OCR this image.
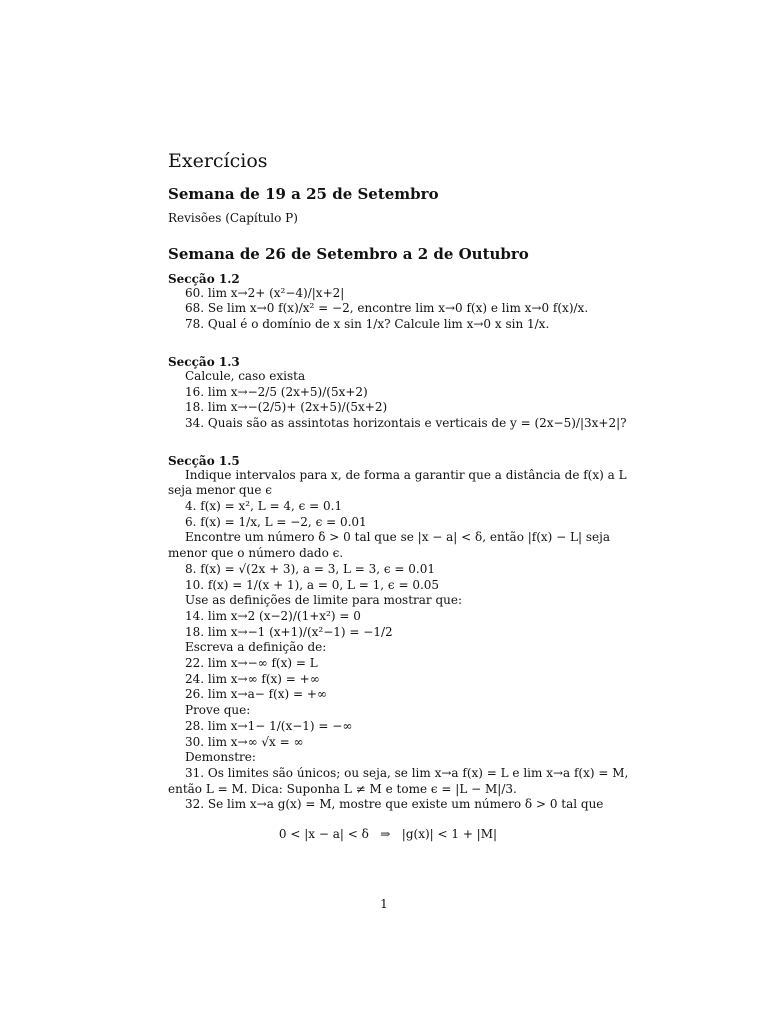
Exercícios
Semana de 19 a 25 de Setembro
Revisões (Capítulo P)
Semana de 26 de Setembro a 2 de Outubro
Secção 1.2
60. lim x→2+ (x²−4)/|x+2|
68. Se lim x→0 f(x)/x² = −2, encontre lim x→0 f(x) e lim x→0 f(x)/x.
78. Qual é o domínio de x sin 1/x? Calcule lim x→0 x sin 1/x.
Secção 1.3
Calcule, caso exista
16. lim x→−2/5 (2x+5)/(5x+2)
18. lim x→−(2/5)+ (2x+5)/(5x+2)
34. Quais são as assintotas horizontais e verticais de y = (2x−5)/|3x+2|?
Secção 1.5
Indique intervalos para x, de forma a garantir que a distância de f(x) a L
seja menor que ϵ
4. f(x) = x², L = 4, ϵ = 0.1
6. f(x) = 1/x, L = −2, ϵ = 0.01
Encontre um número δ > 0 tal que se |x − a| < δ, então |f(x) − L| seja
menor que o número dado ϵ.
8. f(x) = √(2x + 3), a = 3, L = 3, ϵ = 0.01
10. f(x) = 1/(x + 1), a = 0, L = 1, ϵ = 0.05
Use as definições de limite para mostrar que:
14. lim x→2 (x−2)/(1+x²) = 0
18. lim x→−1 (x+1)/(x²−1) = −1/2
Escreva a definição de:
22. lim x→−∞ f(x) = L
24. lim x→∞ f(x) = +∞
26. lim x→a− f(x) = +∞
Prove que:
28. lim x→1− 1/(x−1) = −∞
30. lim x→∞ √x = ∞
Demonstre:
31. Os limites são únicos; ou seja, se lim x→a f(x) = L e lim x→a f(x) = M,
então L = M. Dica: Suponha L ≠ M e tome ϵ = |L − M|/3.
32. Se lim x→a g(x) = M, mostre que existe um número δ > 0 tal que
0 < |x − a| < δ   ⇒   |g(x)| < 1 + |M|
1
